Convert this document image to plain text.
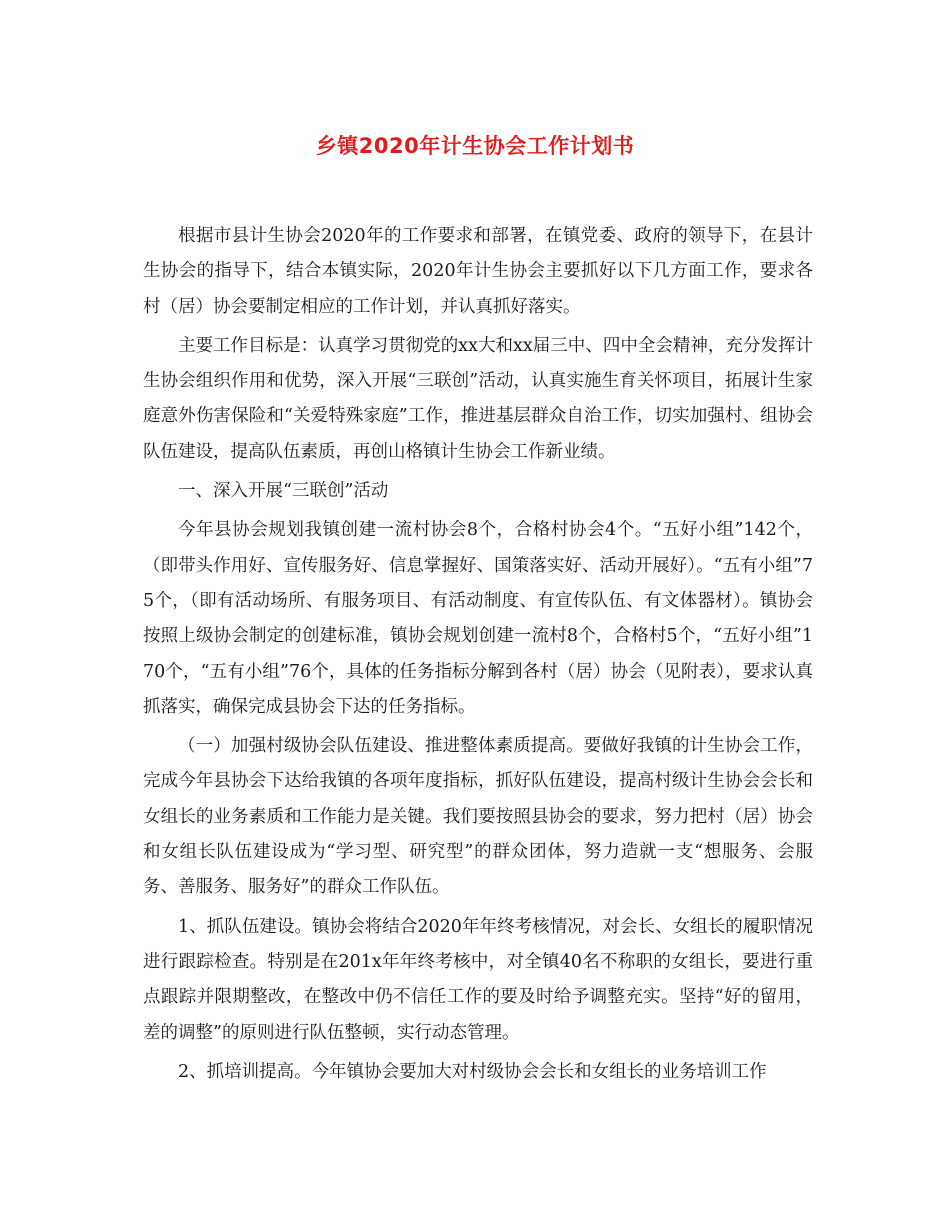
乡镇2020年计生协会工作计划书

根据市县计生协会2020年的工作要求和部署，在镇党委、政府的领导下，在县计生协会的指导下，结合本镇实际，2020年计生协会主要抓好以下几方面工作，要求各村（居）协会要制定相应的工作计划，并认真抓好落实。

主要工作目标是：认真学习贯彻党的xx大和xx届三中、四中全会精神，充分发挥计生协会组织作用和优势，深入开展“三联创”活动，认真实施生育关怀项目，拓展计生家庭意外伤害保险和“关爱特殊家庭”工作，推进基层群众自治工作，切实加强村、组协会队伍建设，提高队伍素质，再创山格镇计生协会工作新业绩。

一、深入开展“三联创”活动

今年县协会规划我镇创建一流村协会8个，合格村协会4个。“五好小组”142个，（即带头作用好、宣传服务好、信息掌握好、国策落实好、活动开展好）。“五有小组”75个，（即有活动场所、有服务项目、有活动制度、有宣传队伍、有文体器材）。镇协会按照上级协会制定的创建标准，镇协会规划创建一流村8个，合格村5个，“五好小组”170个，“五有小组”76个，具体的任务指标分解到各村（居）协会（见附表），要求认真抓落实，确保完成县协会下达的任务指标。

（一）加强村级协会队伍建设、推进整体素质提高。要做好我镇的计生协会工作，完成今年县协会下达给我镇的各项年度指标，抓好队伍建设，提高村级计生协会会长和女组长的业务素质和工作能力是关键。我们要按照县协会的要求，努力把村（居）协会和女组长队伍建设成为“学习型、研究型”的群众团体，努力造就一支“想服务、会服务、善服务、服务好”的群众工作队伍。

1、抓队伍建设。镇协会将结合2020年年终考核情况，对会长、女组长的履职情况进行跟踪检查。特别是在201x年年终考核中，对全镇40名不称职的女组长，要进行重点跟踪并限期整改，在整改中仍不信任工作的要及时给予调整充实。坚持“好的留用，差的调整”的原则进行队伍整顿，实行动态管理。

2、抓培训提高。今年镇协会要加大对村级协会会长和女组长的业务培训工作
